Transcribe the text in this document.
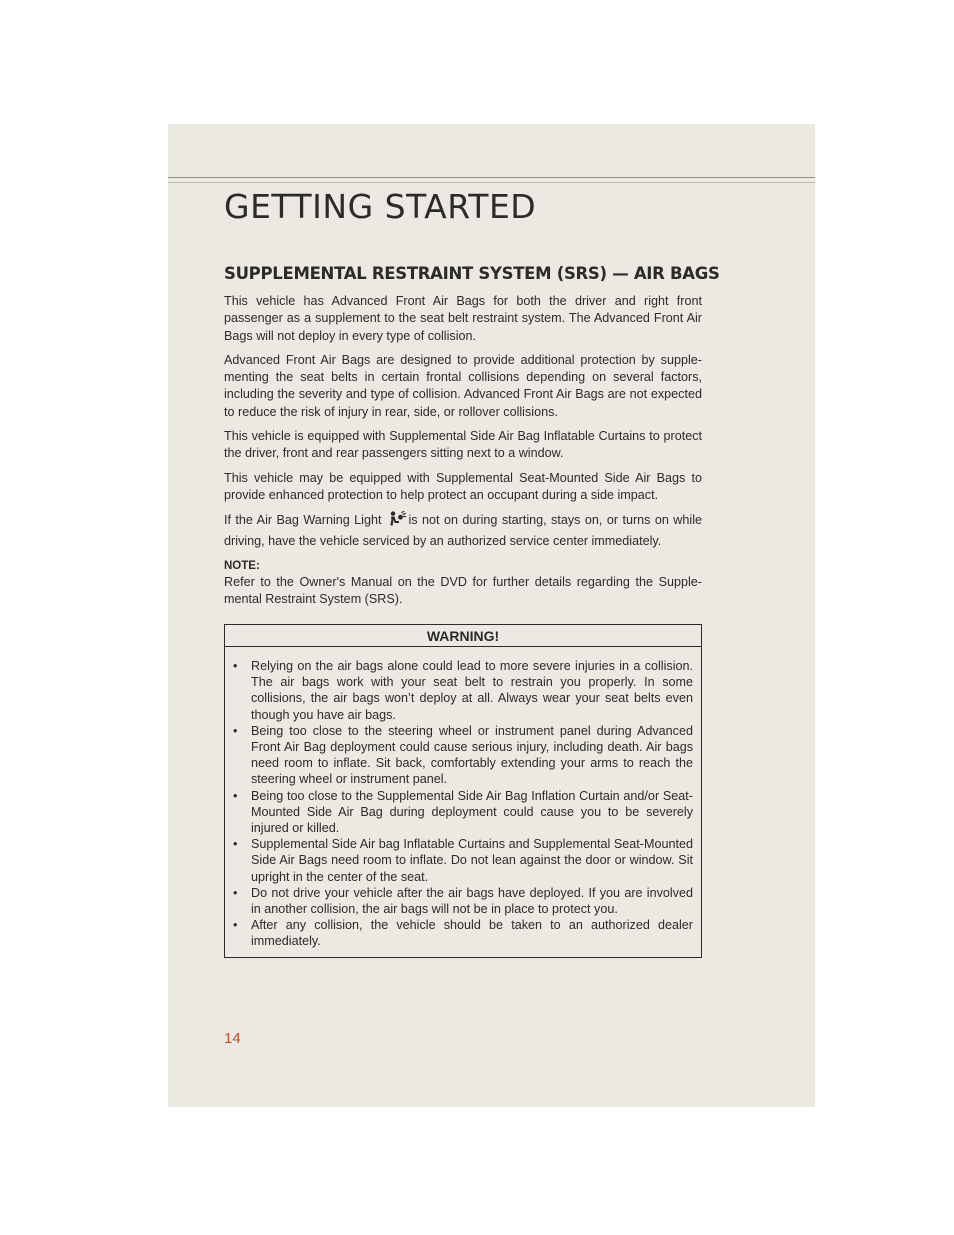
GETTING STARTED
SUPPLEMENTAL RESTRAINT SYSTEM (SRS) — AIR BAGS

This vehicle has Advanced Front Air Bags for both the driver and right front passenger as a supplement to the seat belt restraint system. The Advanced Front Air Bags will not deploy in every type of collision.

Advanced Front Air Bags are designed to provide additional protection by supplementing the seat belts in certain frontal collisions depending on several factors, including the severity and type of collision. Advanced Front Air Bags are not expected to reduce the risk of injury in rear, side, or rollover collisions.

This vehicle is equipped with Supplemental Side Air Bag Inflatable Curtains to protect the driver, front and rear passengers sitting next to a window.

This vehicle may be equipped with Supplemental Seat-Mounted Side Air Bags to provide enhanced protection to help protect an occupant during a side impact.

If the Air Bag Warning Light is not on during starting, stays on, or turns on while driving, have the vehicle serviced by an authorized service center immediately.

NOTE:

Refer to the Owner's Manual on the DVD for further details regarding the Supplemental Restraint System (SRS).

WARNING!
• Relying on the air bags alone could lead to more severe injuries in a collision. The air bags work with your seat belt to restrain you properly. In some collisions, the air bags won’t deploy at all. Always wear your seat belts even though you have air bags.
• Being too close to the steering wheel or instrument panel during Advanced Front Air Bag deployment could cause serious injury, including death. Air bags need room to inflate. Sit back, comfortably extending your arms to reach the steering wheel or instrument panel.
• Being too close to the Supplemental Side Air Bag Inflation Curtain and/or Seat-Mounted Side Air Bag during deployment could cause you to be severely injured or killed.
• Supplemental Side Air bag Inflatable Curtains and Supplemental Seat-Mounted Side Air Bags need room to inflate. Do not lean against the door or window. Sit upright in the center of the seat.
• Do not drive your vehicle after the air bags have deployed. If you are involved in another collision, the air bags will not be in place to protect you.
• After any collision, the vehicle should be taken to an authorized dealer immediately.
14
